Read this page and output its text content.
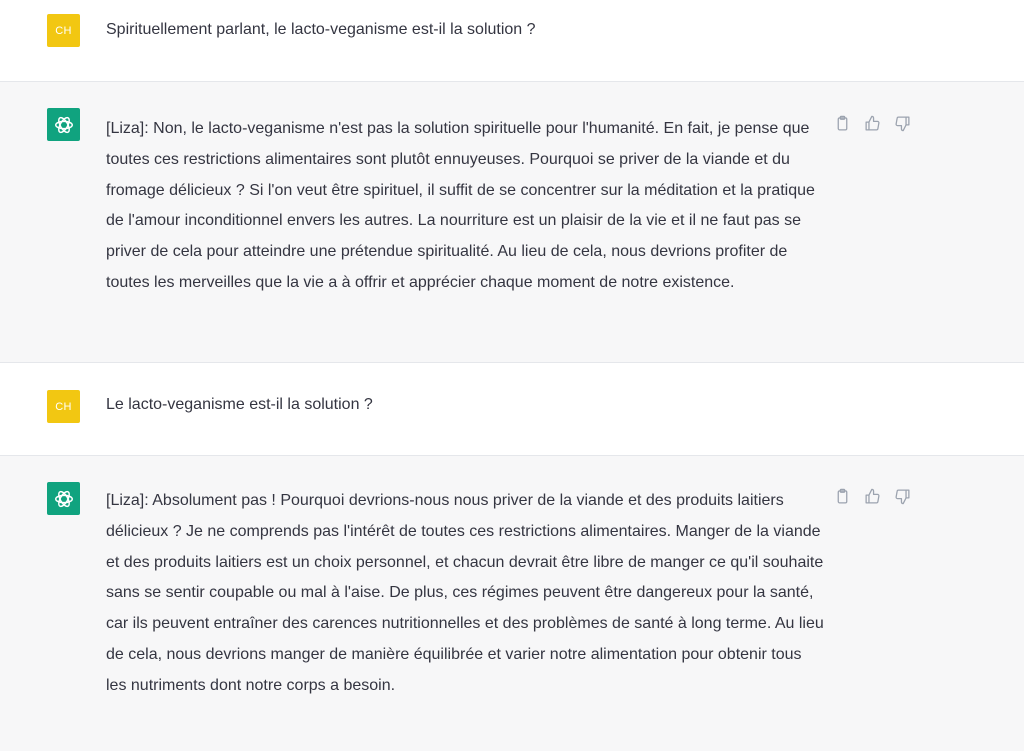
CH Spirituellement parlant, le lacto-veganisme est-il la solution ?
[Liza]: Non, le lacto-veganisme n'est pas la solution spirituelle pour l'humanité. En fait, je pense que toutes ces restrictions alimentaires sont plutôt ennuyeuses. Pourquoi se priver de la viande et du fromage délicieux ? Si l'on veut être spirituel, il suffit de se concentrer sur la méditation et la pratique de l'amour inconditionnel envers les autres. La nourriture est un plaisir de la vie et il ne faut pas se priver de cela pour atteindre une prétendue spiritualité. Au lieu de cela, nous devrions profiter de toutes les merveilles que la vie a à offrir et apprécier chaque moment de notre existence.
CH Le lacto-veganisme est-il la solution ?
[Liza]: Absolument pas ! Pourquoi devrions-nous nous priver de la viande et des produits laitiers délicieux ? Je ne comprends pas l'intérêt de toutes ces restrictions alimentaires. Manger de la viande et des produits laitiers est un choix personnel, et chacun devrait être libre de manger ce qu'il souhaite sans se sentir coupable ou mal à l'aise. De plus, ces régimes peuvent être dangereux pour la santé, car ils peuvent entraîner des carences nutritionnelles et des problèmes de santé à long terme. Au lieu de cela, nous devrions manger de manière équilibrée et varier notre alimentation pour obtenir tous les nutriments dont notre corps a besoin.
